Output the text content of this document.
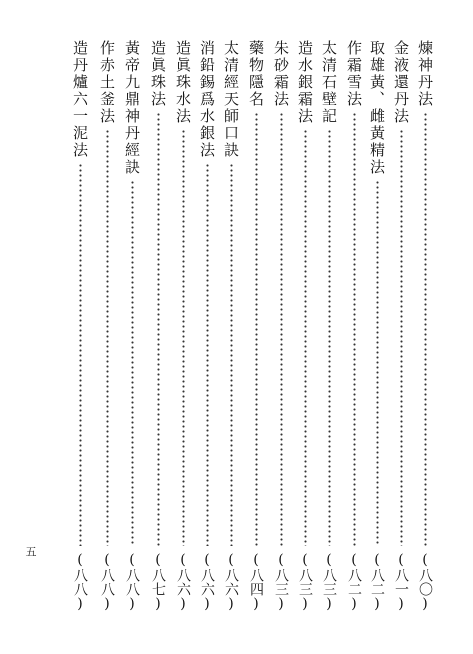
煉神丹法
(八〇)
金液還丹法
(八一)
取雄黃、雌黃精法
(八二)
作霜雪法
(八二)
太清石壁記
(八三)
造水銀霜法
(八三)
朱砂霜法
(八三)
藥物隱名
(八四)
太清經天師口訣
(八六)
消鉛錫爲水銀法
(八六)
造眞珠水法
(八六)
造眞珠法
(八七)
黃帝九鼎神丹經訣
(八八)
作赤土釜法
(八八)
造丹爐六一泥法
(八八)
五
